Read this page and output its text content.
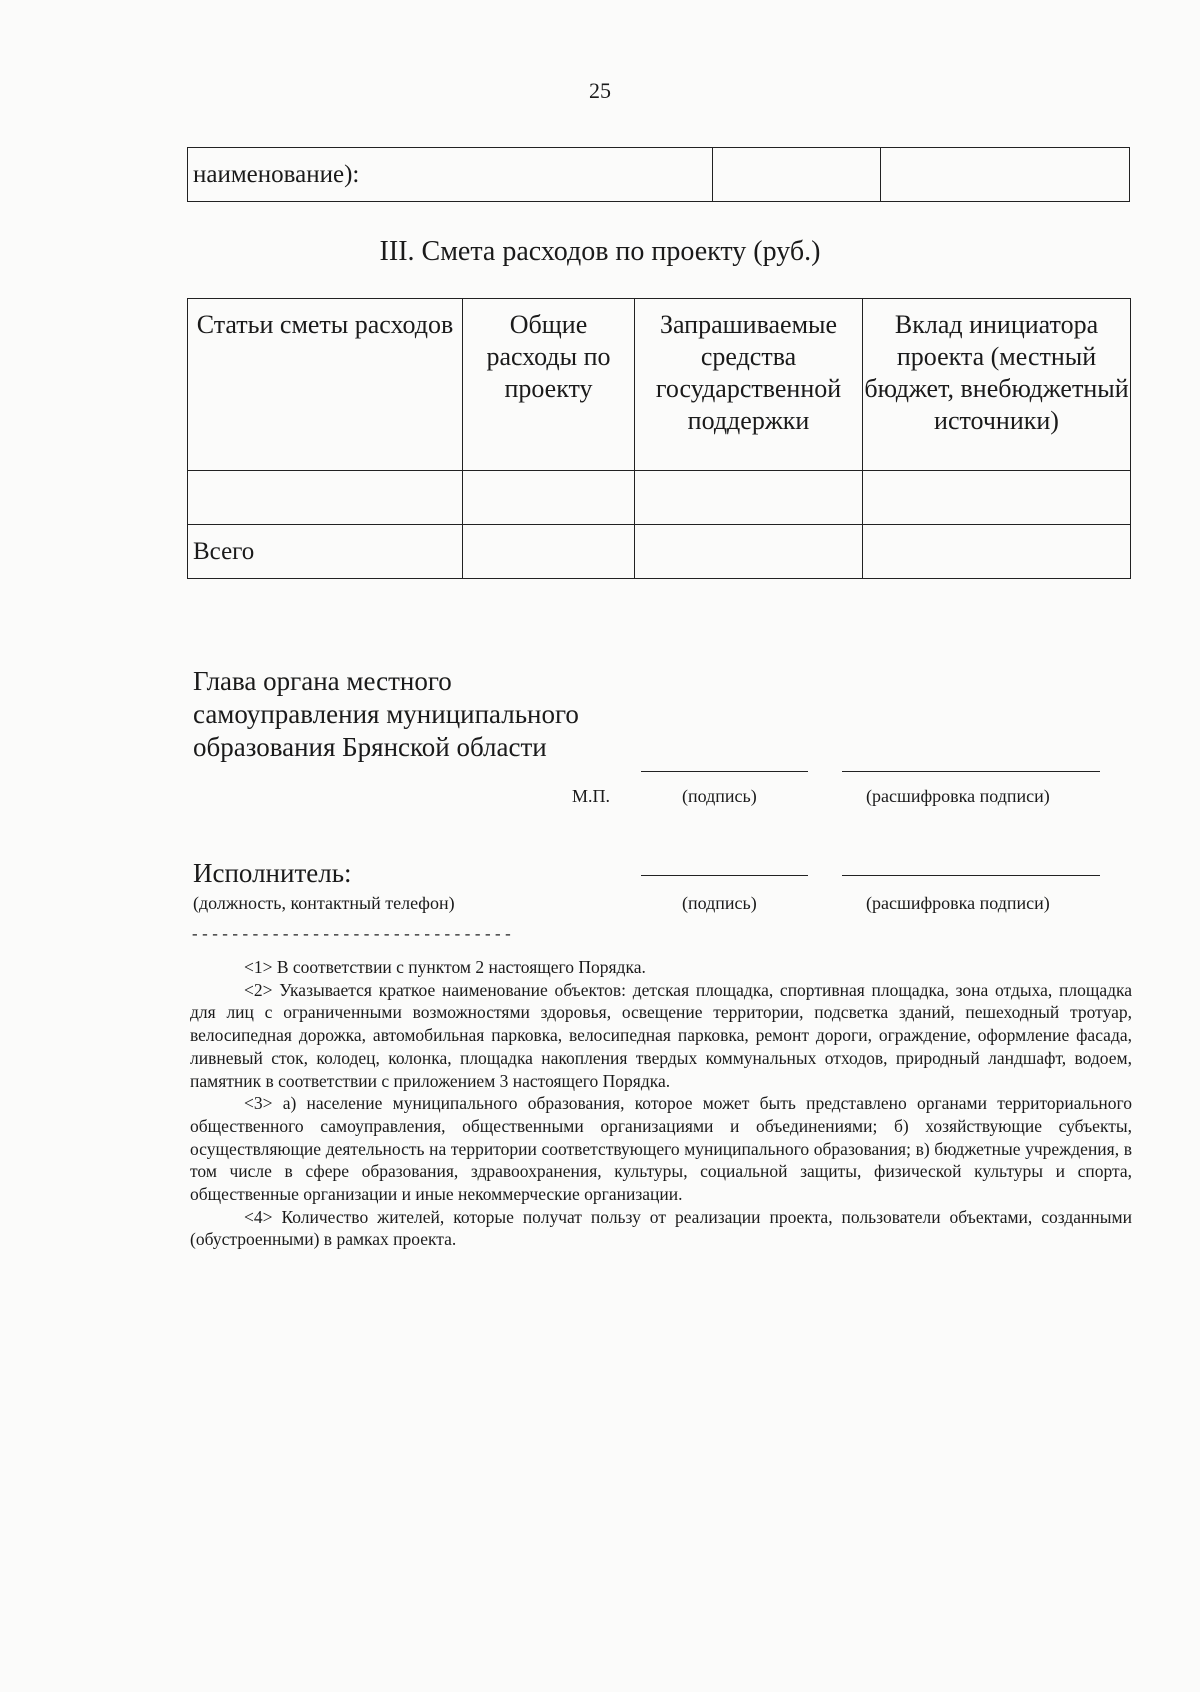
25
наименование):		
III. Смета расходов по проекту (руб.)
Статьи сметы расходов	Общие расходы по проекту	Запрашиваемые средства государственной поддержки	Вклад инициатора проекта (местный бюджет, внебюджетный источники)

Всего			
Глава органа местного
самоуправления муниципального
образования Брянской области
М.П.	(подпись)	(расшифровка подписи)
Исполнитель:
(должность, контактный телефон)	(подпись)	(расшифровка подписи)
--------------------------------

<1> В соответствии с пунктом 2 настоящего Порядка.

<2> Указывается краткое наименование объектов: детская площадка, спортивная площадка, зона отдыха, площадка для лиц с ограниченными возможностями здоровья, освещение территории, подсветка зданий, пешеходный тротуар, велосипедная дорожка, автомобильная парковка, велосипедная парковка, ремонт дороги, ограждение, оформление фасада, ливневый сток, колодец, колонка, площадка накопления твердых коммунальных отходов, природный ландшафт, водоем, памятник в соответствии с приложением 3 настоящего Порядка.

<3> а) население муниципального образования, которое может быть представлено органами территориального общественного самоуправления, общественными организациями и объединениями; б) хозяйствующие субъекты, осуществляющие деятельность на территории соответствующего муниципального образования; в) бюджетные учреждения, в том числе в сфере образования, здравоохранения, культуры, социальной защиты, физической культуры и спорта, общественные организации и иные некоммерческие организации.

<4> Количество жителей, которые получат пользу от реализации проекта, пользователи объектами, созданными (обустроенными) в рамках проекта.
